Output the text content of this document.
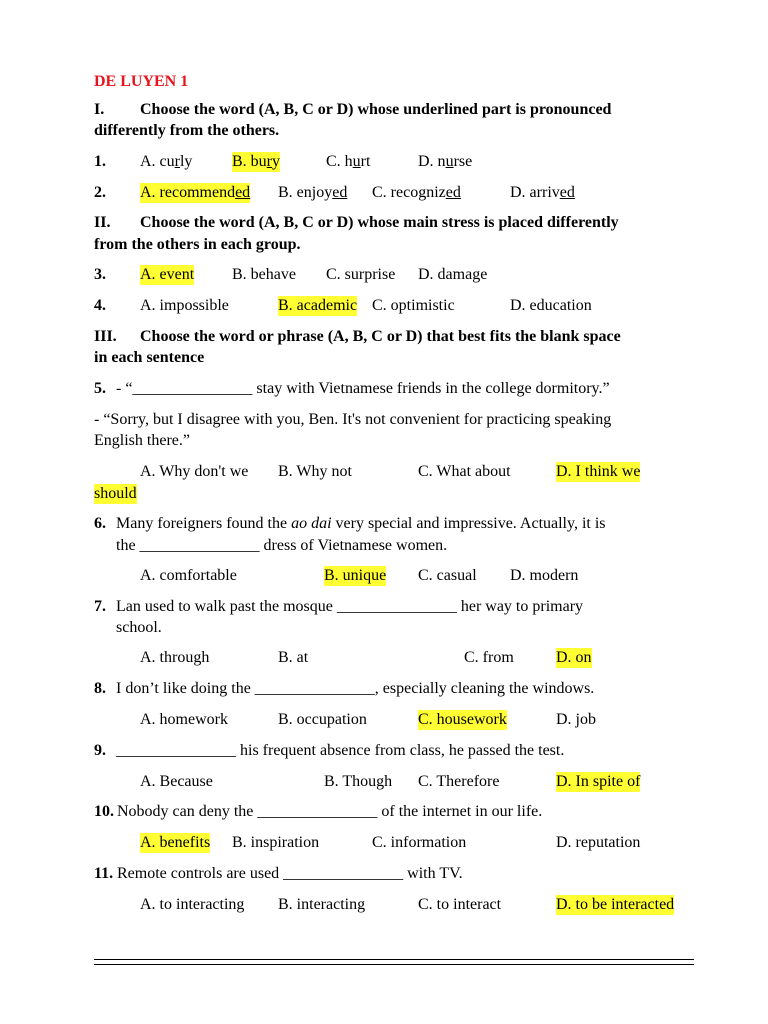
DE LUYEN 1
I. Choose the word (A, B, C or D) whose underlined part is pronounced
differently from the others.
1. A. curly B. bury	C. hurt	D. nurse
2. A. recommended B. enjoyed C. recognized	D. arrived
II. Choose the word (A, B, C or D) whose main stress is placed differently
from the others in each group.
3. A. event B. behave C. surprise D. damage
4. A. impossible	B. academic C. optimistic	D. education
III. Choose the word or phrase (A, B, C or D) that best fits the blank space
in each sentence
5. - “_______________ stay with Vietnamese friends in the college dormitory.”
- “Sorry, but I disagree with you, Ben. It's not convenient for practicing speaking
English there.”
A. Why don't we B. Why not	C. What about	D. I think we
should
6. Many foreigners found the ao dai very special and impressive. Actually, it is
the _______________ dress of Vietnamese women.
A. comfortable	B. unique C. casual D. modern
7. Lan used to walk past the mosque _______________ her way to primary
school.
A. through	B. at	C. from	D. on
8. I don’t like doing the _______________, especially cleaning the windows.
A. homework	B. occupation	C. housework	D. job
9. _______________ his frequent absence from class, he passed the test.
A. Because	B. Though C. Therefore	D. In spite of
10. Nobody can deny the _______________ of the internet in our life.
A. benefits B. inspiration	C. information	D. reputation
11. Remote controls are used _______________ with TV.
A. to interacting B. interacting	C. to interact	D. to be interacted
